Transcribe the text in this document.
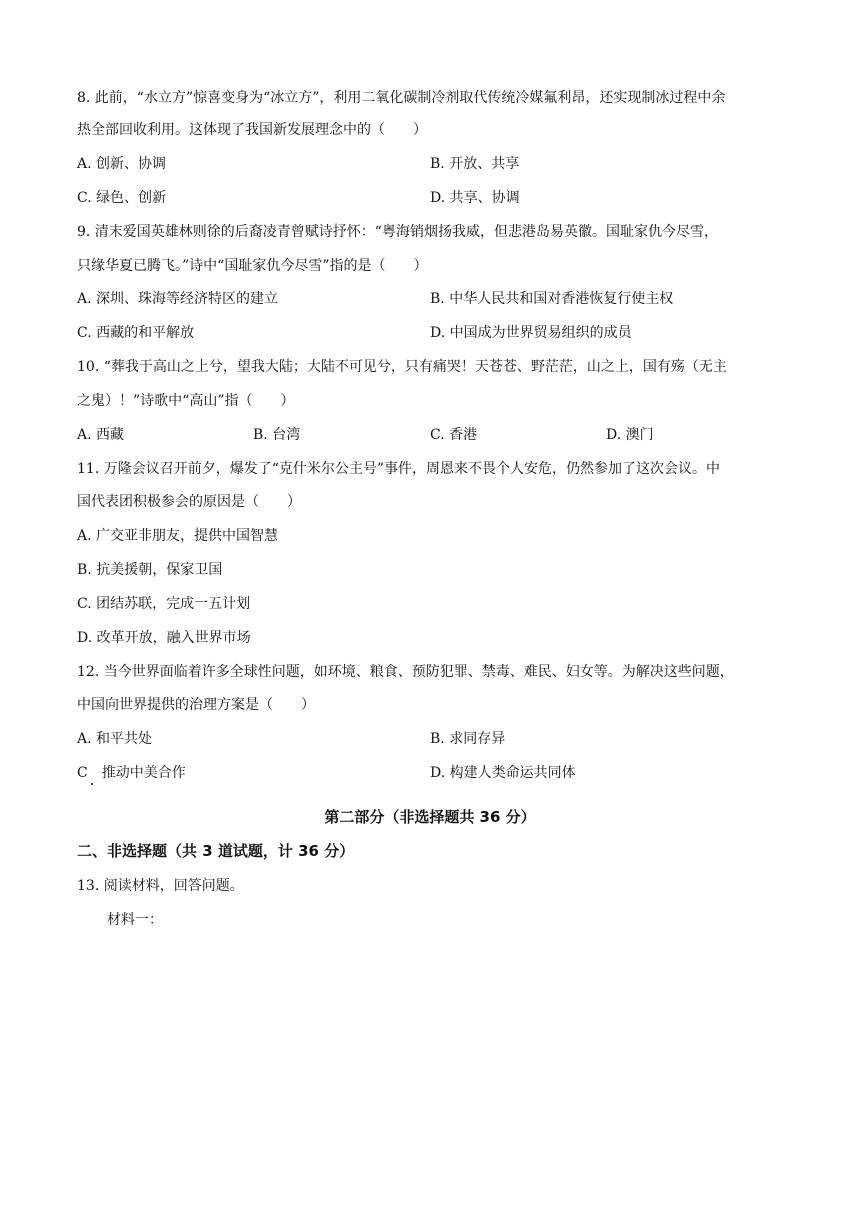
8. 此前，“水立方”惊喜变身为“冰立方”，利用二氧化碳制冷剂取代传统冷媒氟利昂，还实现制冰过程中余
热全部回收利用。这体现了我国新发展理念中的（　　）
A. 创新、协调	B. 开放、共享
C. 绿色、创新	D. 共享、协调
9. 清末爱国英雄林则徐的后裔凌青曾赋诗抒怀：“粤海销烟扬我威，但悲港岛易英徽。国耻家仇今尽雪，
只缘华夏已腾飞。”诗中“国耻家仇今尽雪”指的是（　　）
A. 深圳、珠海等经济特区的建立	B. 中华人民共和国对香港恢复行使主权
C. 西藏的和平解放	D. 中国成为世界贸易组织的成员
10. “葬我于高山之上兮，望我大陆；大陆不可见兮，只有痛哭！天苍苍、野茫茫，山之上，国有殇（无主
之鬼）！”诗歌中“高山”指（　　）
A. 西藏	B. 台湾	C. 香港	D. 澳门
11. 万隆会议召开前夕，爆发了“克什米尔公主号”事件，周恩来不畏个人安危，仍然参加了这次会议。中
国代表团积极参会的原因是（　　）
A. 广交亚非朋友，提供中国智慧
B. 抗美援朝，保家卫国
C. 团结苏联，完成一五计划
D. 改革开放，融入世界市场
12. 当今世界面临着许多全球性问题，如环境、粮食、预防犯罪、禁毒、难民、妇女等。为解决这些问题，
中国向世界提供的治理方案是（　　）
A. 和平共处	B. 求同存异
C　推动中美合作	D. 构建人类命运共同体
第二部分（非选择题共 36 分）
二、非选择题（共 3 道试题，计 36 分）
13. 阅读材料，回答问题。
材料一：
